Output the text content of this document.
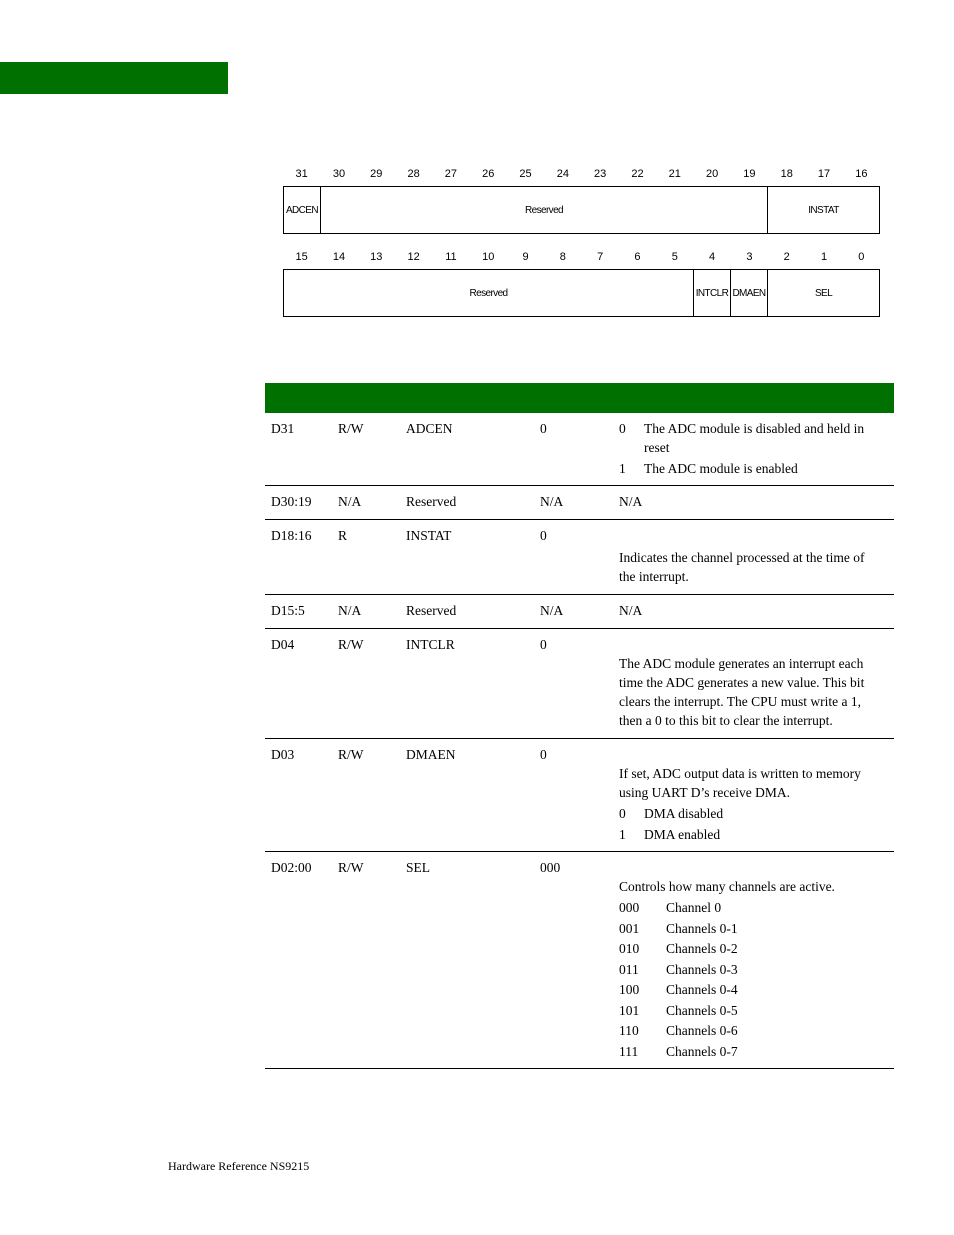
31	30	29	28	27	26	25	24	23	22	21	20	19	18	17	16
ADCEN	Reserved	INSTAT
15	14	13	12	11	10	9	8	7	6	5	4	3	2	1	0
Reserved	INTCLR DMAEN	SEL
D31	R/W	ADCEN	0	0	The ADC module is disabled and held in reset
1	The ADC module is enabled
D30:19 N/A	Reserved	N/A	N/A

D18:16 R	INSTAT	0

Indicates the channel processed at the time of the interrupt.

D15:5 N/A	Reserved	N/A	N/A

D04	R/W	INTCLR	0

The ADC module generates an interrupt each time the ADC generates a new value. This bit clears the interrupt. The CPU must write a 1, then a 0 to this bit to clear the interrupt.

D03	R/W	DMAEN	0

If set, ADC output data is written to memory using UART D’s receive DMA.

0	DMA disabled
1	DMA enabled
D02:00 R/W	SEL	000

Controls how many channels are active.

000	Channel 0
001	Channels 0-1
010	Channels 0-2
011	Channels 0-3
100	Channels 0-4
101	Channels 0-5
110	Channels 0-6
111	Channels 0-7
Hardware Reference NS9215
